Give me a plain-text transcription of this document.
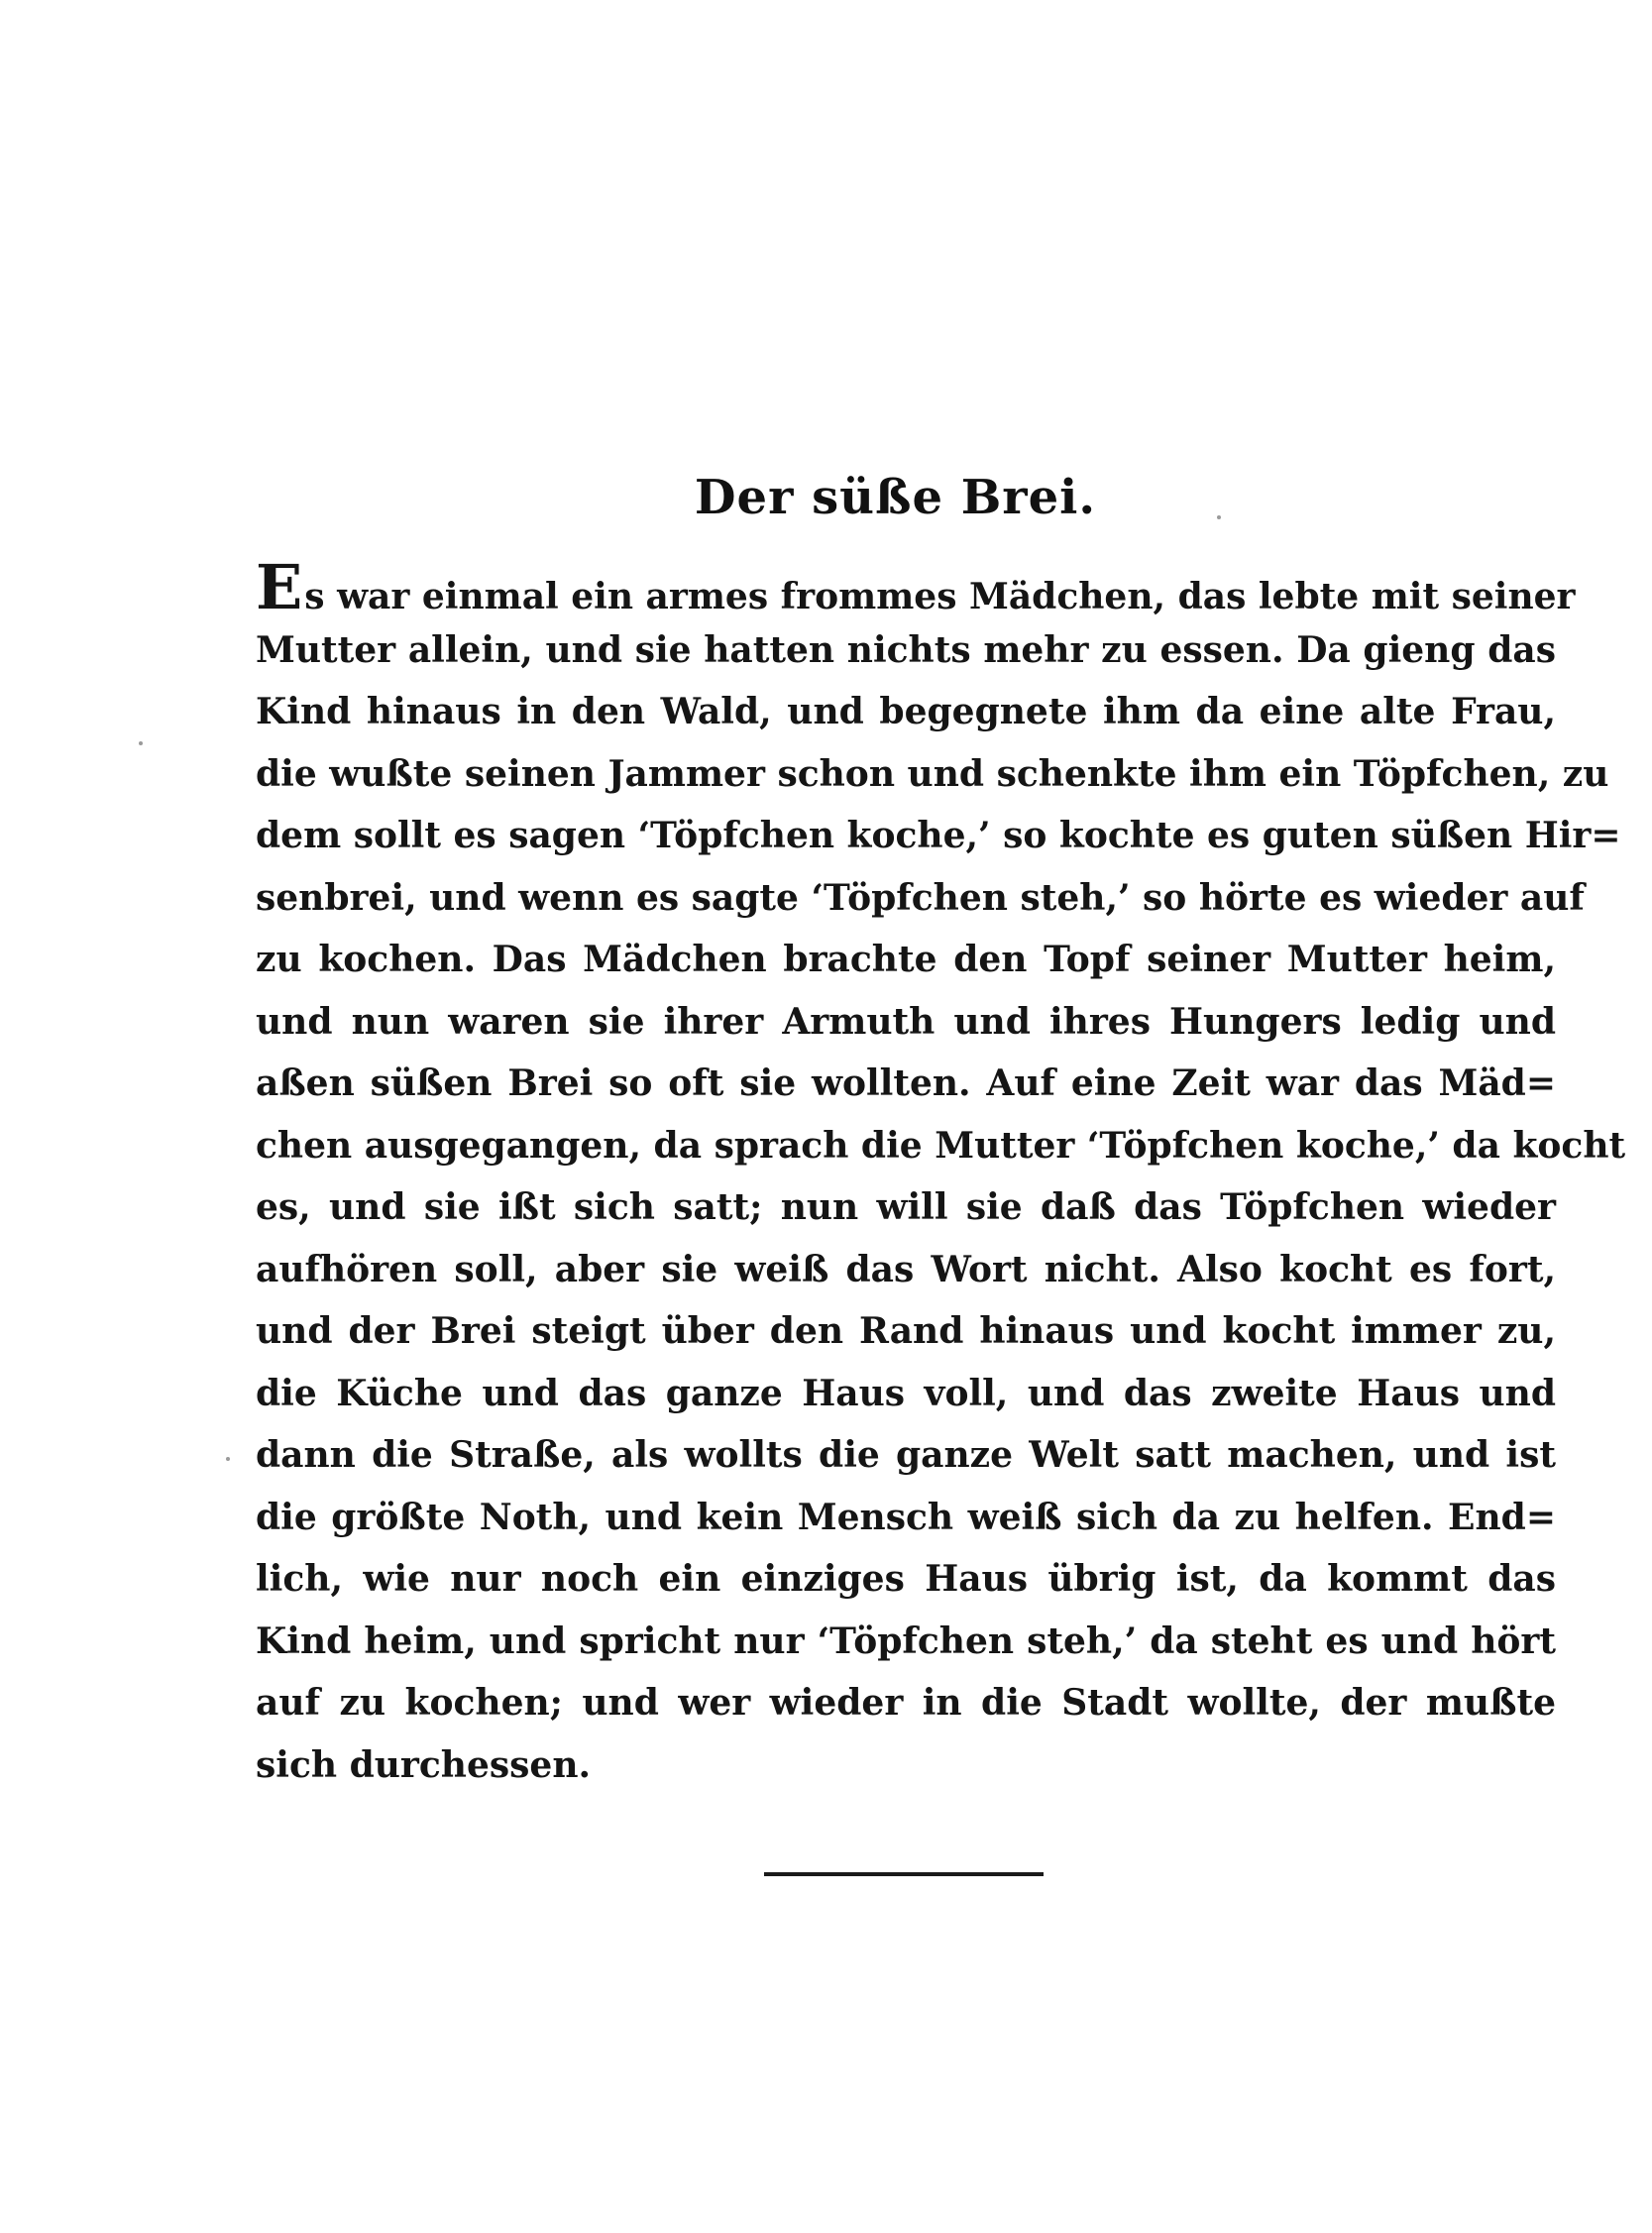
Der süße Brei.
Es war einmal ein armes frommes Mädchen, das lebte mit seiner
Mutter allein, und sie hatten nichts mehr zu essen. Da gieng das
Kind hinaus in den Wald, und begegnete ihm da eine alte Frau,
die wußte seinen Jammer schon und schenkte ihm ein Töpfchen, zu
dem sollt es sagen ‘Töpfchen koche,’ so kochte es guten süßen Hir=
senbrei, und wenn es sagte ‘Töpfchen steh,’ so hörte es wieder auf
zu kochen. Das Mädchen brachte den Topf seiner Mutter heim,
und nun waren sie ihrer Armuth und ihres Hungers ledig und
aßen süßen Brei so oft sie wollten. Auf eine Zeit war das Mäd=
chen ausgegangen, da sprach die Mutter ‘Töpfchen koche,’ da kocht
es, und sie ißt sich satt; nun will sie daß das Töpfchen wieder
aufhören soll, aber sie weiß das Wort nicht. Also kocht es fort,
und der Brei steigt über den Rand hinaus und kocht immer zu,
die Küche und das ganze Haus voll, und das zweite Haus und
dann die Straße, als wollts die ganze Welt satt machen, und ist
die größte Noth, und kein Mensch weiß sich da zu helfen. End=
lich, wie nur noch ein einziges Haus übrig ist, da kommt das
Kind heim, und spricht nur ‘Töpfchen steh,’ da steht es und hört
auf zu kochen; und wer wieder in die Stadt wollte, der mußte
sich durchessen.
